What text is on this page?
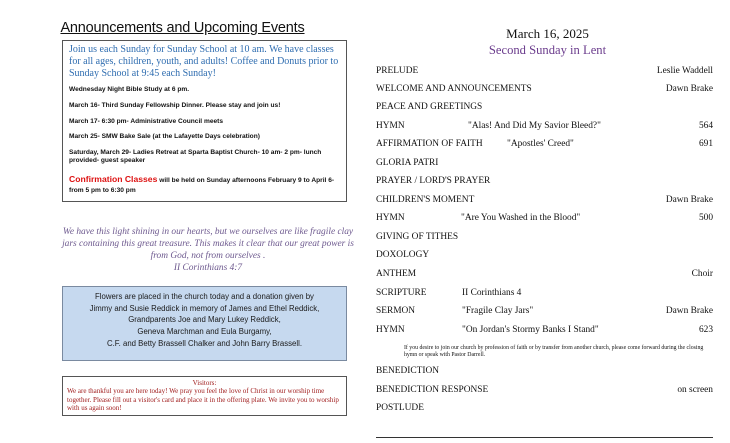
Announcements and Upcoming Events
Join us each Sunday for Sunday School at 10 am. We have classes for all ages, children, youth, and adults! Coffee and Donuts prior to Sunday School at 9:45 each Sunday!
Wednesday Night Bible Study at 6 pm.
March 16- Third Sunday Fellowship Dinner. Please stay and join us!
March 17- 6:30 pm- Administrative Council meets
March 25- SMW Bake Sale (at the Lafayette Days celebration)
Saturday, March 29- Ladies Retreat at Sparta Baptist Church- 10 am- 2 pm- lunch provided- guest speaker
Confirmation Classes will be held on Sunday afternoons February 9 to April 6- from 5 pm to 6:30 pm
We have this light shining in our hearts, but we ourselves are like fragile clay jars containing this great treasure. This makes it clear that our great power is from God, not from ourselves .
II Corinthians 4:7
Flowers are placed in the church today and a donation given by
Jimmy and Susie Reddick in memory of James and Ethel Reddick,
Grandparents Joe and Mary Lukey Reddick,
Geneva Marchman and Eula Burgamy,
C.F. and Betty Brassell Chalker and John Barry Brassell.
Visitors:
We are thankful you are here today! We pray you feel the love of Christ in our worship time together. Please fill out a visitor's card and place it in the offering plate. We invite you to worship with us again soon!
March 16, 2025
Second Sunday in Lent
PRELUDE	Leslie Waddell
WELCOME AND ANNOUNCEMENTS	Dawn Brake
PEACE AND GREETINGS
HYMN	"Alas! And Did My Savior Bleed?"	564
AFFIRMATION OF FAITH	"Apostles' Creed"	691
GLORIA PATRI
PRAYER / LORD'S PRAYER
CHILDREN'S MOMENT	Dawn Brake
HYMN	"Are You Washed in the Blood"	500
GIVING OF TITHES
DOXOLOGY
ANTHEM	Choir
SCRIPTURE	II Corinthians 4
SERMON	"Fragile Clay Jars"	Dawn Brake
HYMN	"On Jordan's Stormy Banks I Stand"	623
If you desire to join our church by profession of faith or by transfer from another church, please come forward during the closing hymn or speak with Pastor Darrell.
BENEDICTION
BENEDICTION RESPONSE	on screen
POSTLUDE
